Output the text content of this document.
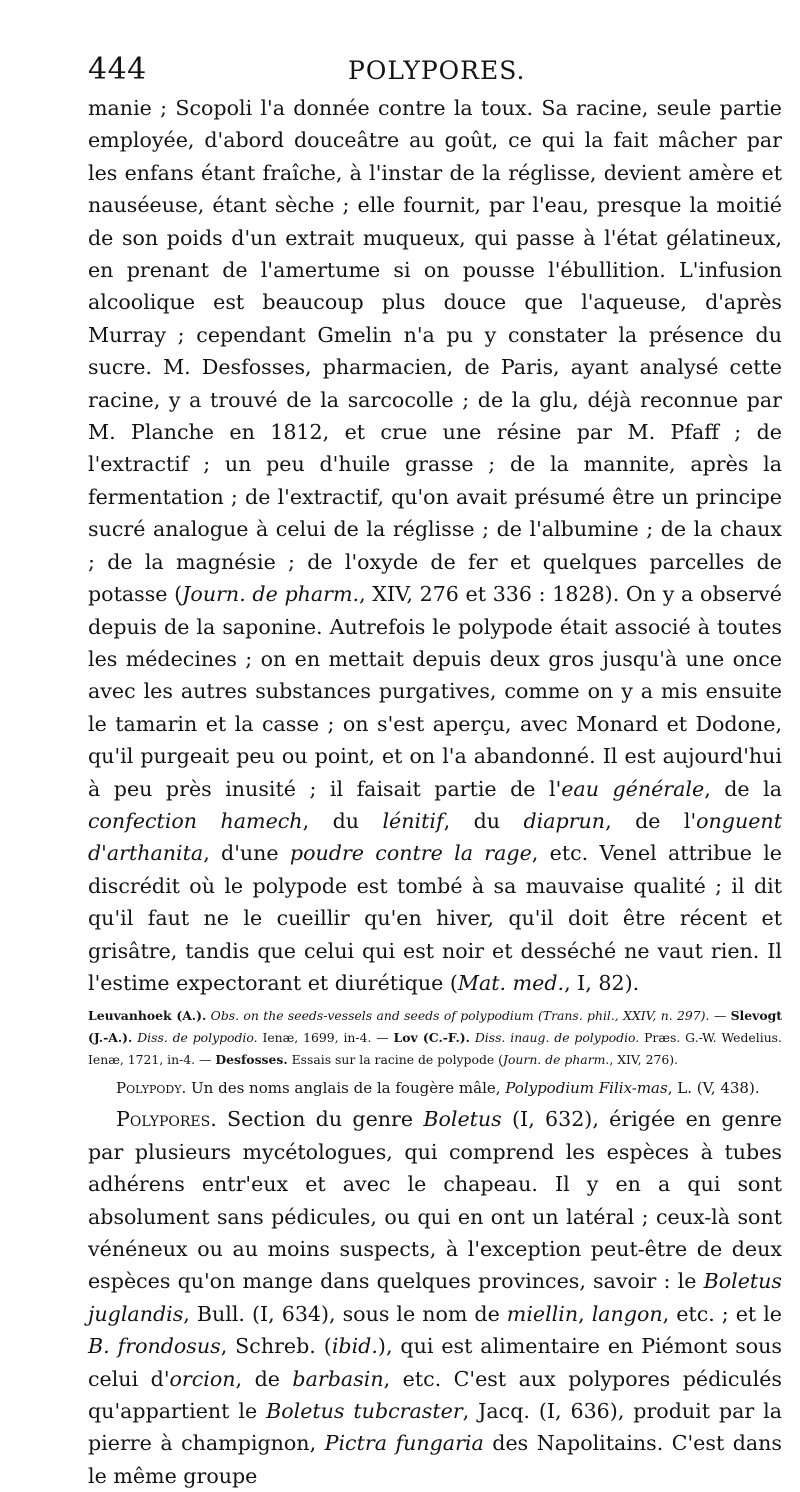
444	POLYPORES.

manie ; Scopoli l'a donnée contre la toux. Sa racine, seule partie employée, d'abord douceâtre au goût, ce qui la fait mâcher par les enfans étant fraîche, à l'instar de la réglisse, devient amère et nauséeuse, étant sèche ; elle fournit, par l'eau, presque la moitié de son poids d'un extrait muqueux, qui passe à l'état gélatineux, en prenant de l'amertume si on pousse l'ébullition. L'infusion alcoolique est beaucoup plus douce que l'aqueuse, d'après Murray ; cependant Gmelin n'a pu y constater la présence du sucre. M. Desfosses, pharmacien, de Paris, ayant analysé cette racine, y a trouvé de la sarcocolle ; de la glu, déjà reconnue par M. Planche en 1812, et crue une résine par M. Pfaff ; de l'extractif ; un peu d'huile grasse ; de la mannite, après la fermentation ; de l'extractif, qu'on avait présumé être un principe sucré analogue à celui de la réglisse ; de l'albumine ; de la chaux ; de la magnésie ; de l'oxyde de fer et quelques parcelles de potasse (Journ. de pharm., XIV, 276 et 336 : 1828). On y a observé depuis de la saponine. Autrefois le polypode était associé à toutes les médecines ; on en mettait depuis deux gros jusqu'à une once avec les autres substances purgatives, comme on y a mis ensuite le tamarin et la casse ; on s'est aperçu, avec Monard et Dodone, qu'il purgeait peu ou point, et on l'a abandonné. Il est aujourd'hui à peu près inusité ; il faisait partie de l'eau générale, de la confection hamech, du lénitif, du diaprun, de l'onguent d'arthanita, d'une poudre contre la rage, etc. Venel attribue le discrédit où le polypode est tombé à sa mauvaise qualité ; il dit qu'il faut ne le cueillir qu'en hiver, qu'il doit être récent et grisâtre, tandis que celui qui est noir et desséché ne vaut rien. Il l'estime expectorant et diurétique (Mat. med., I, 82).

Leuvanhoek (A.). Obs. on the seeds-vessels and seeds of polypodium (Trans. phil., XXIV, n. 297). — Slevogt (J.-A.). Diss. de polypodio. Ienæ, 1699, in-4. — Lov (C.-F.). Diss. inaug. de polypodio. Præs. G.-W. Wedelius. Ienæ, 1721, in-4. — Desfosses. Essais sur la racine de polypode (Journ. de pharm., XIV, 276).

Polypody. Un des noms anglais de la fougère mâle, Polypodium Filix-mas, L. (V, 438).

Polypores. Section du genre Boletus (I, 632), érigée en genre par plusieurs mycétologues, qui comprend les espèces à tubes adhérens entr'eux et avec le chapeau. Il y en a qui sont absolument sans pédicules, ou qui en ont un latéral ; ceux-là sont vénéneux ou au moins suspects, à l'exception peut-être de deux espèces qu'on mange dans quelques provinces, savoir : le Boletus juglandis, Bull. (I, 634), sous le nom de miellin, langon, etc. ; et le B. frondosus, Schreb. (ibid.), qui est alimentaire en Piémont sous celui d'orcion, de barbasin, etc. C'est aux polypores pédiculés qu'appartient le Boletus tubcraster, Jacq. (I, 636), produit par la pierre à champignon, Pictra fungaria des Napolitains. C'est dans le même groupe
